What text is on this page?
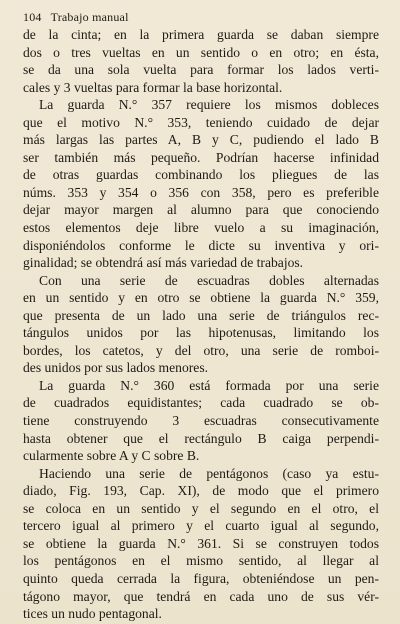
104 Trabajo manual

de la cinta; en la primera guarda se daban siempre
dos o tres vueltas en un sentido o en otro; en ésta,
se da una sola vuelta para formar los lados verti-
cales y 3 vueltas para formar la base horizontal.

La guarda N.° 357 requiere los mismos dobleces
que el motivo N.° 353, teniendo cuidado de dejar
más largas las partes A, B y C, pudiendo el lado B
ser también más pequeño. Podrían hacerse infinidad
de otras guardas combinando los pliegues de las
núms. 353 y 354 o 356 con 358, pero es preferible
dejar mayor margen al alumno para que conociendo
estos elementos deje libre vuelo a su imaginación,
disponiéndolos conforme le dicte su inventiva y ori-
ginalidad; se obtendrá así más variedad de trabajos.

Con una serie de escuadras dobles alternadas
en un sentido y en otro se obtiene la guarda N.° 359,
que presenta de un lado una serie de triángulos rec-
tángulos unidos por las hipotenusas, limitando los
bordes, los catetos, y del otro, una serie de romboi-
des unidos por sus lados menores.

La guarda N.° 360 está formada por una serie
de cuadrados equidistantes; cada cuadrado se ob-
tiene construyendo 3 escuadras consecutivamente
hasta obtener que el rectángulo B caiga perpendi-
cularmente sobre A y C sobre B.

Haciendo una serie de pentágonos (caso ya estu-
diado, Fig. 193, Cap. XI), de modo que el primero
se coloca en un sentido y el segundo en el otro, el
tercero igual al primero y el cuarto igual al segundo,
se obtiene la guarda N.° 361. Si se construyen todos
los pentágonos en el mismo sentido, al llegar al
quinto queda cerrada la figura, obteniéndose un pen-
tágono mayor, que tendrá en cada uno de sus vér-
tices un nudo pentagonal.
